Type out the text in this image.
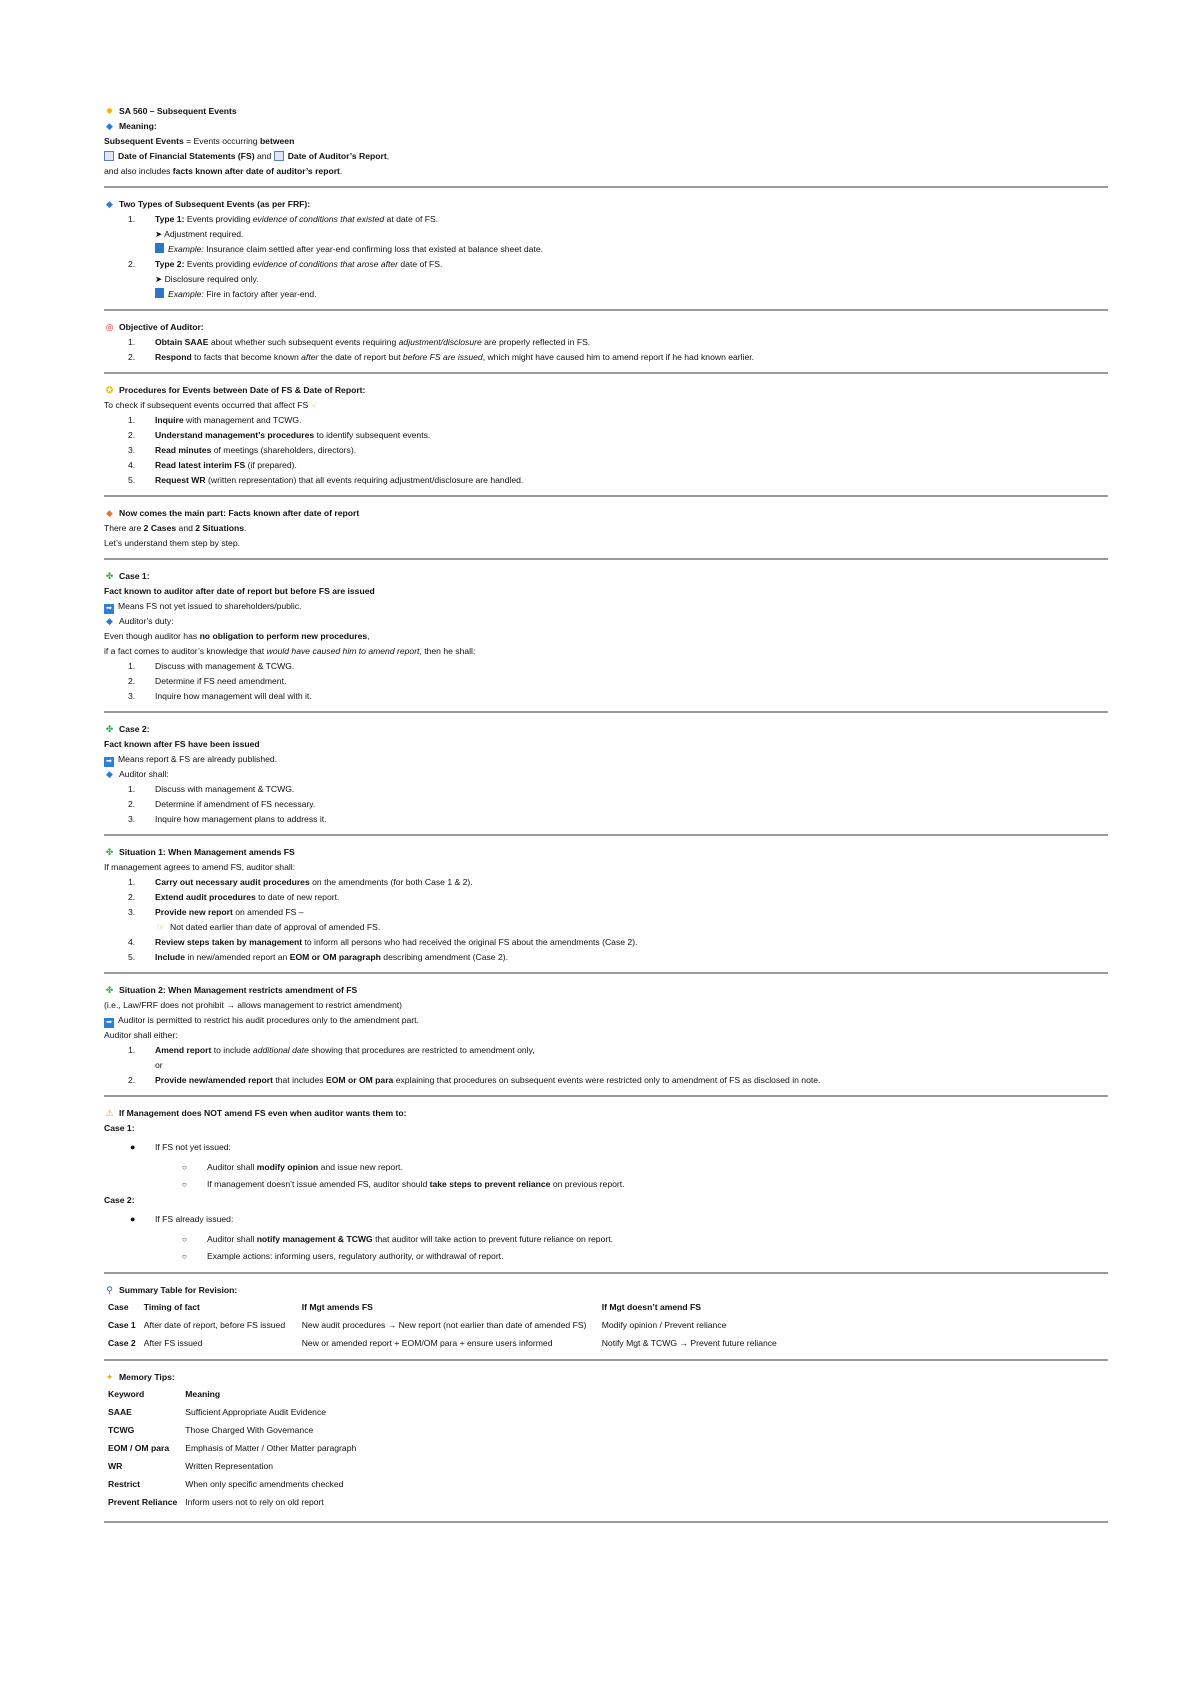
✹ SA 560 – Subsequent Events
◆ Meaning:
Subsequent Events = Events occurring between
Date of Financial Statements (FS) and Date of Auditor’s Report,
and also includes facts known after date of auditor’s report.
◆ Two Types of Subsequent Events (as per FRF):
1. Type 1: Events providing evidence of conditions that existed at date of FS.
➤ Adjustment required.
Example: Insurance claim settled after year-end confirming loss that existed at balance sheet date.
2. Type 2: Events providing evidence of conditions that arose after date of FS.
➤ Disclosure required only.
Example: Fire in factory after year-end.
◎ Objective of Auditor:
1. Obtain SAAE about whether such subsequent events requiring adjustment/disclosure are properly reflected in FS.
2. Respond to facts that become known after the date of report but before FS are issued, which might have caused him to amend report if he had known earlier.
✪ Procedures for Events between Date of FS & Date of Report:
To check if subsequent events occurred that affect FS ☟
1. Inquire with management and TCWG.
2. Understand management’s procedures to identify subsequent events.
3. Read minutes of meetings (shareholders, directors).
4. Read latest interim FS (if prepared).
5. Request WR (written representation) that all events requiring adjustment/disclosure are handled.
◆ Now comes the main part: Facts known after date of report
There are 2 Cases and 2 Situations.
Let’s understand them step by step.
✤ Case 1:
Fact known to auditor after date of report but before FS are issued
➡ Means FS not yet issued to shareholders/public.
◆ Auditor’s duty:
Even though auditor has no obligation to perform new procedures,
if a fact comes to auditor’s knowledge that would have caused him to amend report, then he shall:
1. Discuss with management & TCWG.
2. Determine if FS need amendment.
3. Inquire how management will deal with it.
✤ Case 2:
Fact known after FS have been issued
➡ Means report & FS are already published.
◆ Auditor shall:
1. Discuss with management & TCWG.
2. Determine if amendment of FS necessary.
3. Inquire how management plans to address it.
✤ Situation 1: When Management amends FS
If management agrees to amend FS, auditor shall:
1. Carry out necessary audit procedures on the amendments (for both Case 1 & 2).
2. Extend audit procedures to date of new report.
3. Provide new report on amended FS –
☞ Not dated earlier than date of approval of amended FS.
4. Review steps taken by management to inform all persons who had received the original FS about the amendments (Case 2).
5. Include in new/amended report an EOM or OM paragraph describing amendment (Case 2).
✤ Situation 2: When Management restricts amendment of FS
(i.e., Law/FRF does not prohibit → allows management to restrict amendment)
➡ Auditor is permitted to restrict his audit procedures only to the amendment part.
Auditor shall either:
1. Amend report to include additional date showing that procedures are restricted to amendment only,
or
2. Provide new/amended report that includes EOM or OM para explaining that procedures on subsequent events were restricted only to amendment of FS as disclosed in note.
⚠ If Management does NOT amend FS even when auditor wants them to:
Case 1:
● If FS not yet issued:
○ Auditor shall modify opinion and issue new report.
○ If management doesn’t issue amended FS, auditor should take steps to prevent reliance on previous report.
Case 2:
● If FS already issued:
○ Auditor shall notify management & TCWG that auditor will take action to prevent future reliance on report.
○ Example actions: informing users, regulatory authority, or withdrawal of report.
⚲ Summary Table for Revision:
Case	Timing of fact	If Mgt amends FS	If Mgt doesn’t amend FS
Case 1	After date of report, before FS issued	New audit procedures → New report (not earlier than date of amended FS)	Modify opinion / Prevent reliance
Case 2	After FS issued	New or amended report + EOM/OM para + ensure users informed	Notify Mgt & TCWG → Prevent future reliance
✦ Memory Tips:
Keyword	Meaning
SAAE	Sufficient Appropriate Audit Evidence
TCWG	Those Charged With Governance
EOM / OM para	Emphasis of Matter / Other Matter paragraph
WR	Written Representation
Restrict	When only specific amendments checked
Prevent Reliance	Inform users not to rely on old report
